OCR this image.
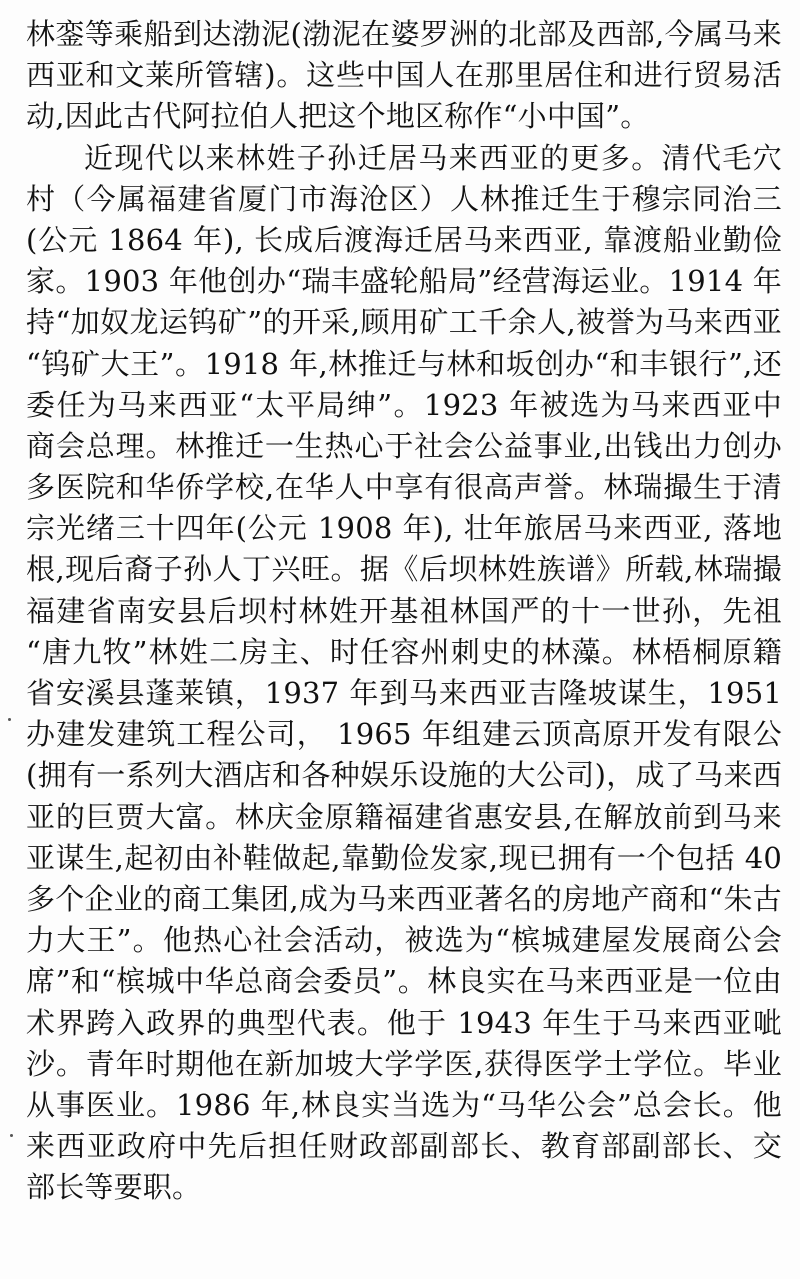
林銮等乘船到达渤泥(渤泥在婆罗洲的北部及西部,今属马来
西亚和文莱所管辖)。这些中国人在那里居住和进行贸易活
动,因此古代阿拉伯人把这个地区称作“小中国”。
近现代以来林姓子孙迁居马来西亚的更多。清代毛穴
村（今属福建省厦门市海沧区）人林推迁生于穆宗同治三
(公元 1864 年), 长成后渡海迁居马来西亚, 靠渡船业勤俭
家。1903 年他创办“瑞丰盛轮船局”经营海运业。1914 年
持“加奴龙运钨矿”的开采,顾用矿工千余人,被誉为马来西亚
“钨矿大王”。1918 年,林推迁与林和坂创办“和丰银行”,还
委任为马来西亚“太平局绅”。1923 年被选为马来西亚中
商会总理。林推迁一生热心于社会公益事业,出钱出力创办
多医院和华侨学校,在华人中享有很高声誉。林瑞撮生于清
宗光绪三十四年(公元 1908 年), 壮年旅居马来西亚, 落地
根,现后裔子孙人丁兴旺。据《后坝林姓族谱》所载,林瑞撮
福建省南安县后坝村林姓开基祖林国严的十一世孙，先祖
“唐九牧”林姓二房主、时任容州刺史的林藻。林梧桐原籍
省安溪县蓬莱镇，1937 年到马来西亚吉隆坡谋生，1951
办建发建筑工程公司， 1965 年组建云顶高原开发有限公
(拥有一系列大酒店和各种娱乐设施的大公司)，成了马来西
亚的巨贾大富。林庆金原籍福建省惠安县,在解放前到马来
亚谋生,起初由补鞋做起,靠勤俭发家,现已拥有一个包括 40
多个企业的商工集团,成为马来西亚著名的房地产商和“朱古
力大王”。他热心社会活动，被选为“槟城建屋发展商公会
席”和“槟城中华总商会委员”。林良实在马来西亚是一位由
术界跨入政界的典型代表。他于 1943 年生于马来西亚呲
沙。青年时期他在新加坡大学学医,获得医学士学位。毕业
从事医业。1986 年,林良实当选为“马华公会”总会长。他
来西亚政府中先后担任财政部副部长、教育部副部长、交
部长等要职。
